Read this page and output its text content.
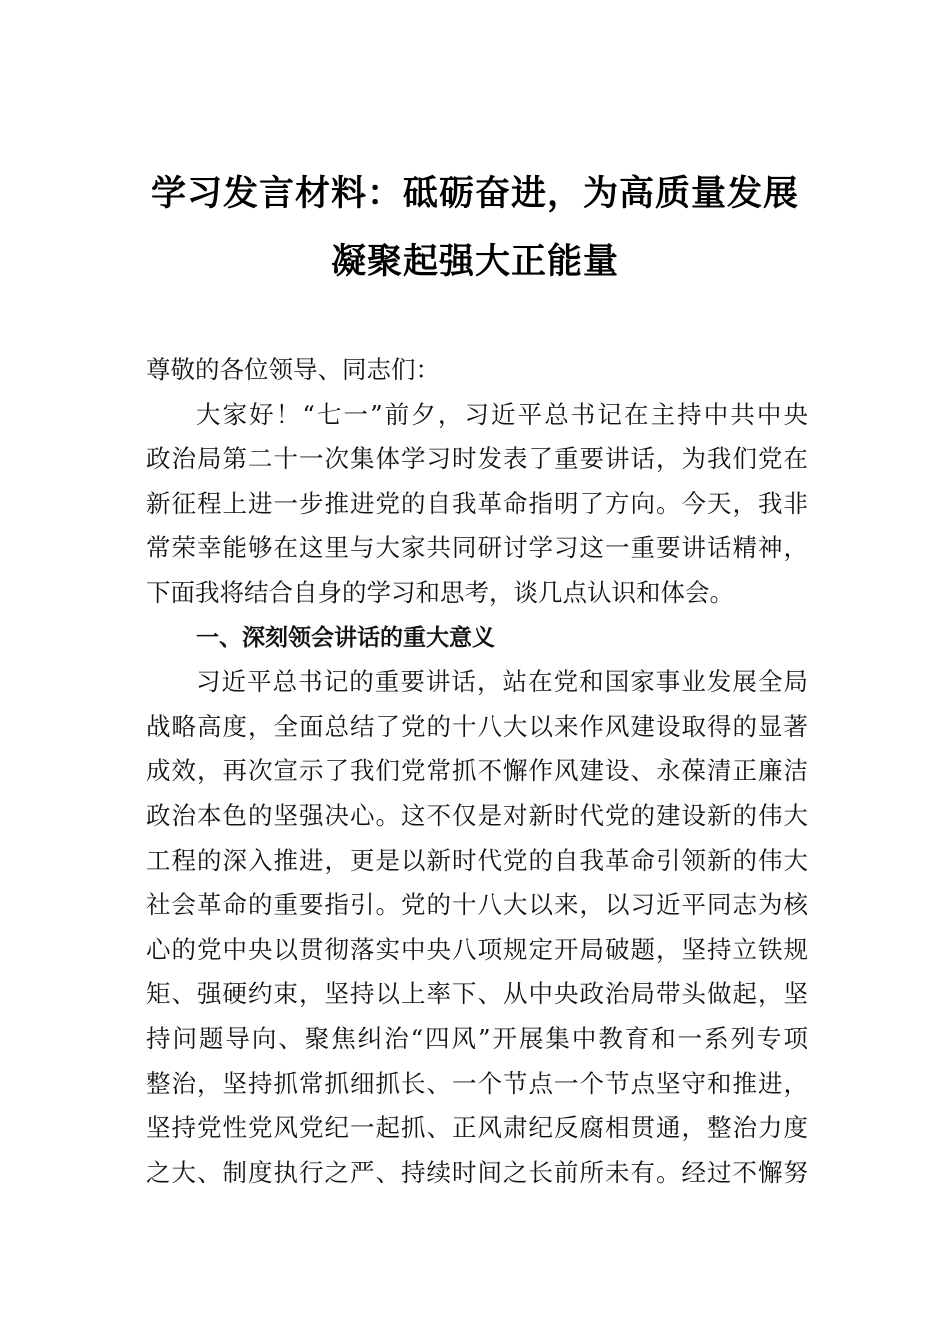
学习发言材料：砥砺奋进，为高质量发展
凝聚起强大正能量
尊敬的各位领导、同志们：
大家好！“七一”前夕，习近平总书记在主持中共中央
政治局第二十一次集体学习时发表了重要讲话，为我们党在
新征程上进一步推进党的自我革命指明了方向。今天，我非
常荣幸能够在这里与大家共同研讨学习这一重要讲话精神，
下面我将结合自身的学习和思考，谈几点认识和体会。
一、深刻领会讲话的重大意义
习近平总书记的重要讲话，站在党和国家事业发展全局
战略高度，全面总结了党的十八大以来作风建设取得的显著
成效，再次宣示了我们党常抓不懈作风建设、永葆清正廉洁
政治本色的坚强决心。这不仅是对新时代党的建设新的伟大
工程的深入推进，更是以新时代党的自我革命引领新的伟大
社会革命的重要指引。党的十八大以来，以习近平同志为核
心的党中央以贯彻落实中央八项规定开局破题，坚持立铁规
矩、强硬约束，坚持以上率下、从中央政治局带头做起，坚
持问题导向、聚焦纠治“四风”开展集中教育和一系列专项
整治，坚持抓常抓细抓长、一个节点一个节点坚守和推进，
坚持党性党风党纪一起抓、正风肃纪反腐相贯通，整治力度
之大、制度执行之严、持续时间之长前所未有。经过不懈努
